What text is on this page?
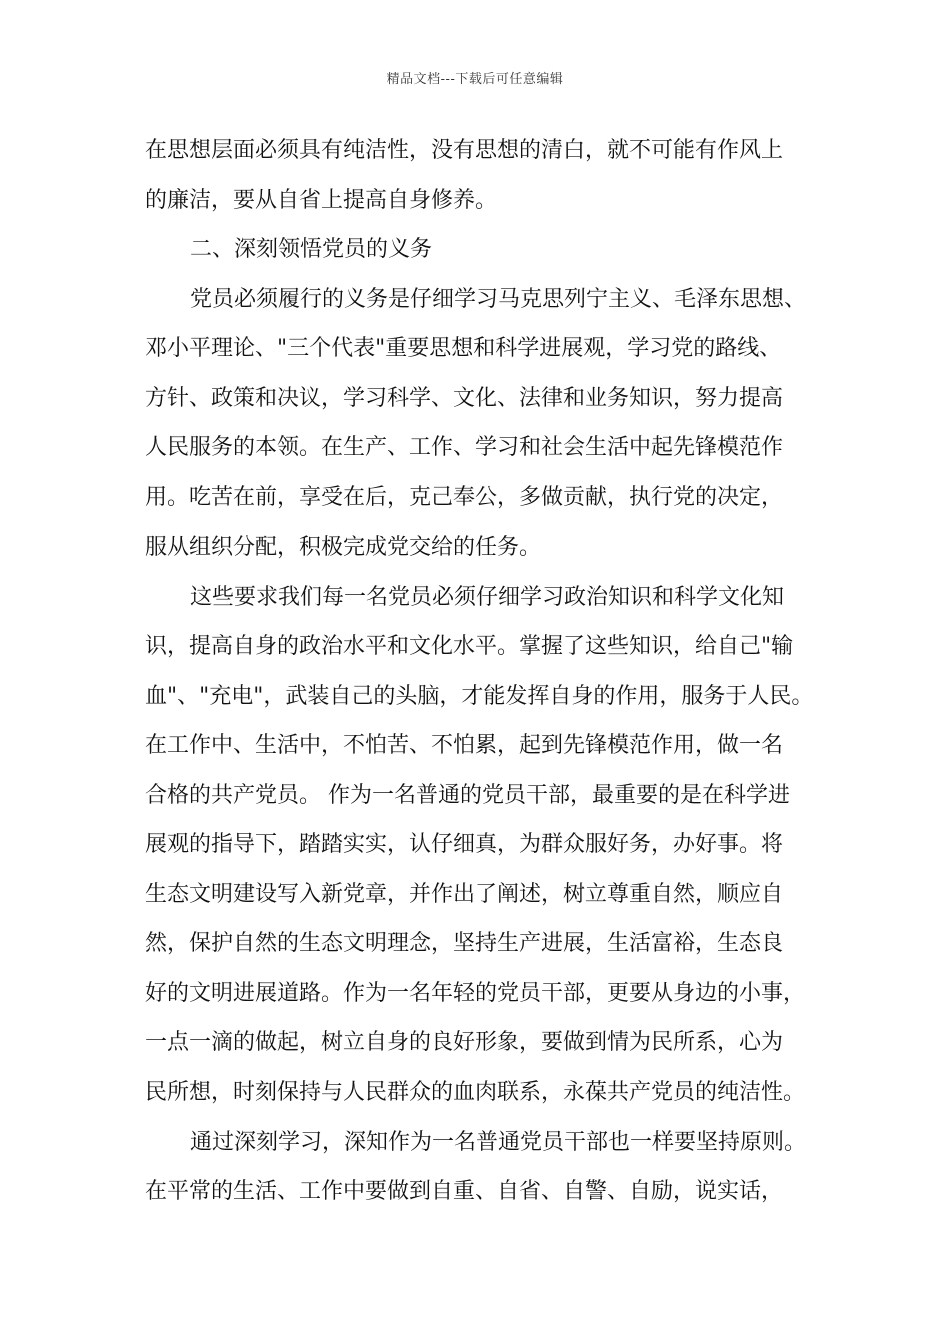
精品文档---下载后可任意编辑
在思想层面必须具有纯洁性，没有思想的清白，就不可能有作风上
的廉洁，要从自省上提高自身修养。
二、深刻领悟党员的义务
党员必须履行的义务是仔细学习马克思列宁主义、毛泽东思想、
邓小平理论、"三个代表"重要思想和科学进展观，学习党的路线、
方针、政策和决议，学习科学、文化、法律和业务知识，努力提高
人民服务的本领。在生产、工作、学习和社会生活中起先锋模范作
用。吃苦在前，享受在后，克己奉公，多做贡献，执行党的决定，
服从组织分配，积极完成党交给的任务。
这些要求我们每一名党员必须仔细学习政治知识和科学文化知
识，提高自身的政治水平和文化水平。掌握了这些知识，给自己"输
血"、"充电"，武装自己的头脑，才能发挥自身的作用，服务于人民。
在工作中、生活中，不怕苦、不怕累，起到先锋模范作用，做一名
合格的共产党员。 作为一名普通的党员干部，最重要的是在科学进
展观的指导下，踏踏实实，认仔细真，为群众服好务，办好事。将
生态文明建设写入新党章，并作出了阐述，树立尊重自然，顺应自
然，保护自然的生态文明理念，坚持生产进展，生活富裕，生态良
好的文明进展道路。作为一名年轻的党员干部，更要从身边的小事，
一点一滴的做起，树立自身的良好形象，要做到情为民所系，心为
民所想，时刻保持与人民群众的血肉联系，永葆共产党员的纯洁性。
通过深刻学习，深知作为一名普通党员干部也一样要坚持原则。
在平常的生活、工作中要做到自重、自省、自警、自励，说实话，
